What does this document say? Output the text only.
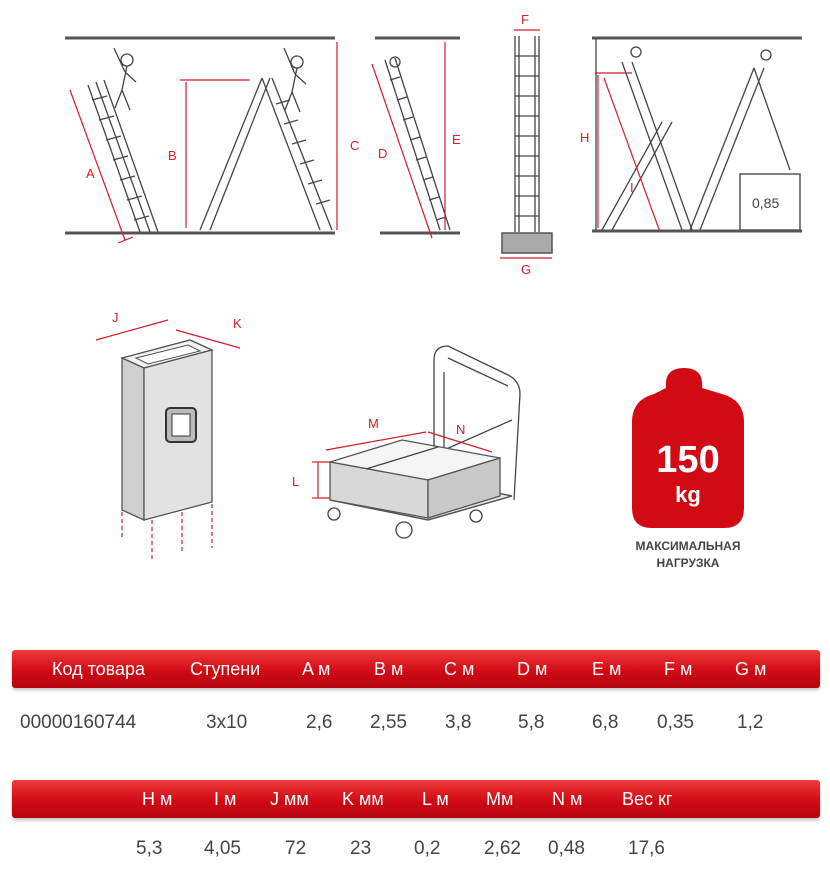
A
B
C
D
E
F
G
H
I
0,85
J	K
M	N
L
150
kg
МАКСИМАЛЬНАЯ
НАГРУЗКА
Код товара Ступени A м B м C м D м E м F м G м
00000160744	3x10	2,6 2,55 3,8 5,8	6,8 0,35 1,2
H м I м J мм K мм L м Mм N м Вес кг
5,3 4,05 72 23 0,2 2,62 0,48 17,6
